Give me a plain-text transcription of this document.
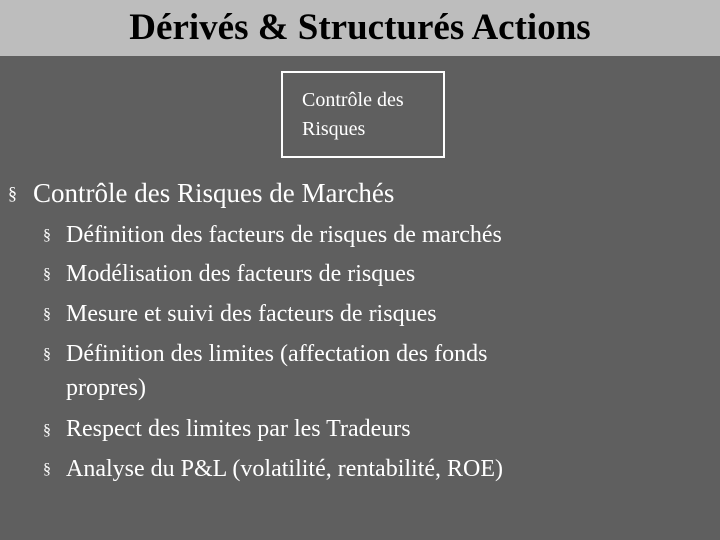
Dérivés & Structurés Actions
Contrôle des
Risques
§ Contrôle des Risques de Marchés
§ Définition des facteurs de risques de marchés
§ Modélisation des facteurs de risques
§ Mesure et suivi des facteurs de risques
§ Définition des limites (affectation des fonds
propres)
§ Respect des limites par les Tradeurs
§ Analyse du P&L (volatilité, rentabilité, ROE)
